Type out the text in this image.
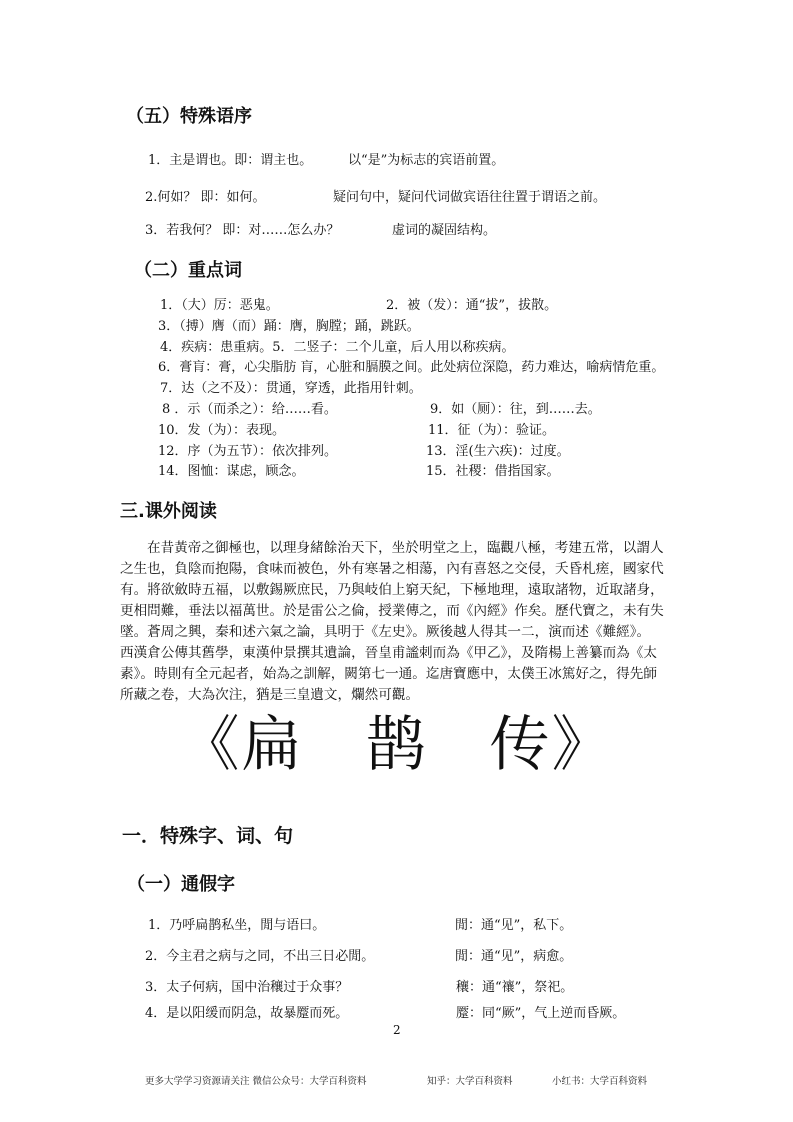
（五）特殊语序
1．主是谓也。即：谓主也。	以“是”为标志的宾语前置。
2.何如？ 即：如何。	疑问句中，疑问代词做宾语往往置于谓语之前。
3．若我何？ 即：对……怎么办？	虚词的凝固结构。
（二）重点词
1．（大）厉：恶鬼。	2．被（发）：通“拔”，拔散。
3．（搏）膺（而）踊：膺，胸膛；踊，跳跃。
4．疾病：患重病。5．二竖子：二个儿童，后人用以称疾病。
6．膏肓：膏，心尖脂肪 肓，心脏和膈膜之间。此处病位深隐，药力难达，喻病情危重。
7．达（之不及）：贯通，穿透，此指用针刺。
8 ．示（而杀之）：给……看。	9．如（厕）：往，到……去。
10．发（为）：表现。	11．征（为）：验证。
12．序（为五节）：依次排列。	13．淫(生六疾)：过度。
14．图恤：谋虑，顾念。	15．社稷：借指国家。
三.课外阅读
在昔黃帝之御極也，以理身緒餘治天下，坐於明堂之上，臨觀八極，考建五常，以謂人
之生也，負陰而抱陽，食味而被色，外有寒暑之相蕩，內有喜怒之交侵，夭昏札瘥，國家代
有。將欲斂時五福，以敷錫厥庶民，乃與岐伯上窮天紀，下極地理，遠取諸物，近取諸身，
更相問難，垂法以福萬世。於是雷公之倫，授業傳之，而《內經》作矣。歷代寶之，未有失
墜。蒼周之興，秦和述六氣之論，具明于《左史》。厥後越人得其一二，演而述《難經》。
西漢倉公傳其舊學，東漢仲景撰其遺論，晉皇甫謐刺而為《甲乙》，及隋楊上善纂而為《太
素》。時則有全元起者，始為之訓解，闕第七一通。迄唐寶應中，太僕王冰篤好之，得先師
所藏之卷，大為次注，猶是三皇遺文，爛然可觀。
《扁　鹊　传》
一．特殊字、词、句
（一）通假字
1．乃呼扁鹊私坐，閒与语曰。	閒：通“见”，私下。
2．今主君之病与之同，不出三日必閒。	閒：通“见”，病愈。
3．太子何病，国中治穰过于众事？	穰：通“禳”，祭祀。
4．是以阳缓而阴急，故暴蹷而死。	蹷：同“厥”，气上逆而昏厥。
2
更多大学学习资源请关注 微信公众号：大学百科资料	知乎：大学百科资料	小红书：大学百科资料
